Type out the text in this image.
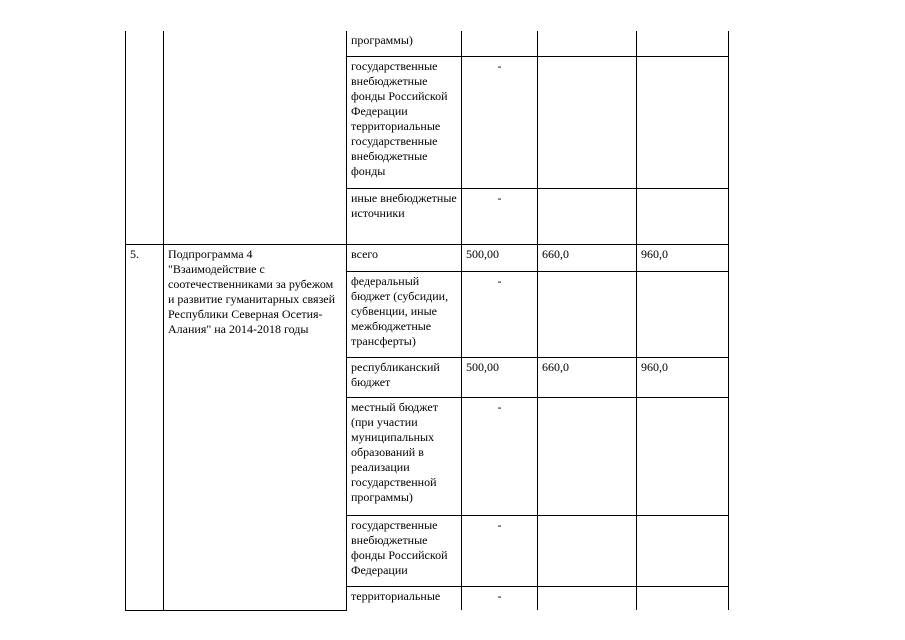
		программы)			

		государственные внебюджетные фонды Российской Федерации территориальные государственные внебюджетные фонды	-		

		иные внебюджетные источники	-		
5.	Подпрограмма 4 "Взаимодействие с соотечественниками за рубежом и развитие гуманитарных связей Республики Северная Осетия-Алания" на 2014-2018 годы	всего	500,00	660,0	960,0

		федеральный бюджет (субсидии, субвенции, иные межбюджетные трансферты)	-		

		республиканский бюджет	500,00	660,0	960,0

		местный бюджет (при участии муниципальных образований в реализации государственной программы)	-		

		государственные внебюджетные фонды Российской Федерации	-		

		территориальные	-		
